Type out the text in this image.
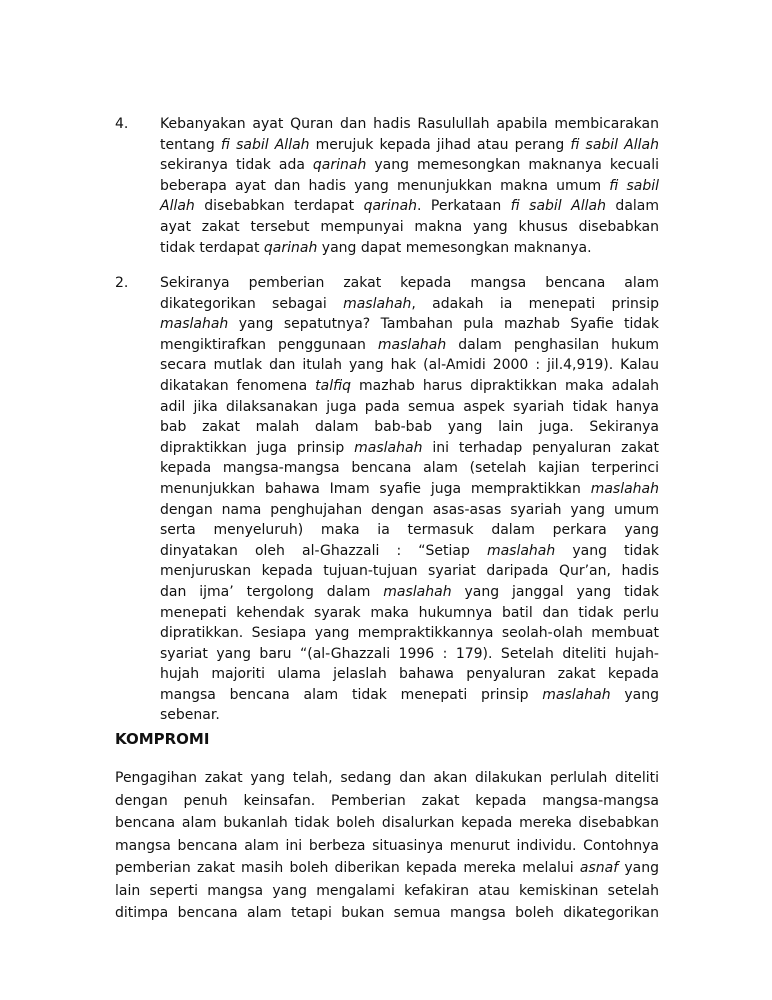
4. Kebanyakan ayat Quran dan hadis Rasulullah apabila membicarakan
tentang fi sabil Allah merujuk kepada jihad atau perang fi sabil Allah
sekiranya tidak ada qarinah yang memesongkan maknanya kecuali
beberapa ayat dan hadis yang menunjukkan makna umum fi sabil
Allah disebabkan terdapat qarinah. Perkataan fi sabil Allah dalam
ayat zakat tersebut mempunyai makna yang khusus disebabkan
tidak terdapat qarinah yang dapat memesongkan maknanya.
2. Sekiranya pemberian zakat kepada mangsa bencana alam
dikategorikan sebagai maslahah, adakah ia menepati prinsip
maslahah yang sepatutnya? Tambahan pula mazhab Syafie tidak
mengiktirafkan penggunaan maslahah dalam penghasilan hukum
secara mutlak dan itulah yang hak (al-Amidi 2000 : jil.4,919). Kalau
dikatakan fenomena talfiq mazhab harus dipraktikkan maka adalah
adil jika dilaksanakan juga pada semua aspek syariah tidak hanya
bab zakat malah dalam bab-bab yang lain juga. Sekiranya
dipraktikkan juga prinsip maslahah ini terhadap penyaluran zakat
kepada mangsa-mangsa bencana alam (setelah kajian terperinci
menunjukkan bahawa Imam syafie juga mempraktikkan maslahah
dengan nama penghujahan dengan asas-asas syariah yang umum
serta menyeluruh) maka ia termasuk dalam perkara yang
dinyatakan oleh al-Ghazzali : “Setiap maslahah yang tidak
menjuruskan kepada tujuan-tujuan syariat daripada Qur’an, hadis
dan ijma’ tergolong dalam maslahah yang janggal yang tidak
menepati kehendak syarak maka hukumnya batil dan tidak perlu
dipratikkan. Sesiapa yang mempraktikkannya seolah-olah membuat
syariat yang baru “(al-Ghazzali 1996 : 179). Setelah diteliti hujah-
hujah majoriti ulama jelaslah bahawa penyaluran zakat kepada
mangsa bencana alam tidak menepati prinsip maslahah yang
sebenar.
KOMPROMI
Pengagihan zakat yang telah, sedang dan akan dilakukan perlulah diteliti
dengan penuh keinsafan. Pemberian zakat kepada mangsa-mangsa
bencana alam bukanlah tidak boleh disalurkan kepada mereka disebabkan
mangsa bencana alam ini berbeza situasinya menurut individu. Contohnya
pemberian zakat masih boleh diberikan kepada mereka melalui asnaf yang
lain seperti mangsa yang mengalami kefakiran atau kemiskinan setelah
ditimpa bencana alam tetapi bukan semua mangsa boleh dikategorikan
